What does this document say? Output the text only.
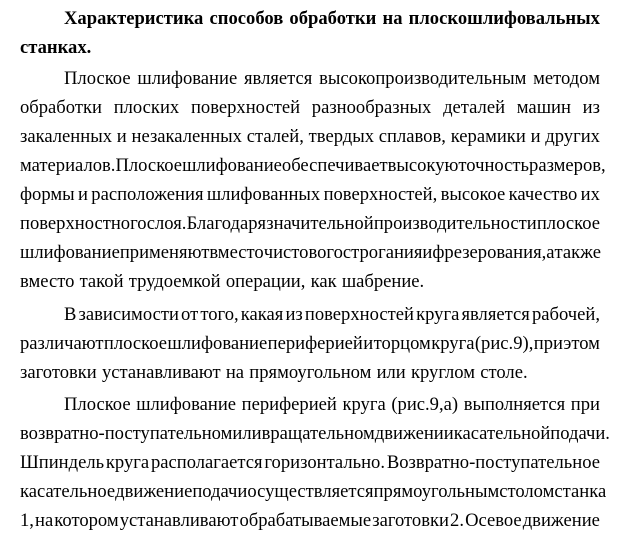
Характеристика способов обработки на плоскошлифовальных
станках.
Плоское шлифование является высокопроизводительным методом
обработки плоских поверхностей разнообразных деталей машин из
закаленных и незакаленных сталей, твердых сплавов, керамики и других
материалов. Плоское шлифование обеспечивает высокую точность размеров,
формы и расположения шлифованных поверхностей, высокое качество их
поверхностного слоя. Благодаря значительной производительности плоское
шлифование применяют вместо чистового строгания и фрезерования, а также
вместо такой трудоемкой операции, как шабрение.
В зависимости от того, какая из поверхностей круга является рабочей,
различают плоское шлифование периферией и торцом круга (рис.9), при этом
заготовки устанавливают на прямоугольном или круглом столе.
Плоское шлифование периферией круга (рис.9,а) выполняется при
возвратно-поступательном или вращательном движении касательной подачи.
Шпиндель круга располагается горизонтально. Возвратно-поступательное
касательное движение подачи осуществляется прямоугольным столом станка
1, на котором устанавливают обрабатываемые заготовки 2. Осевое движение
